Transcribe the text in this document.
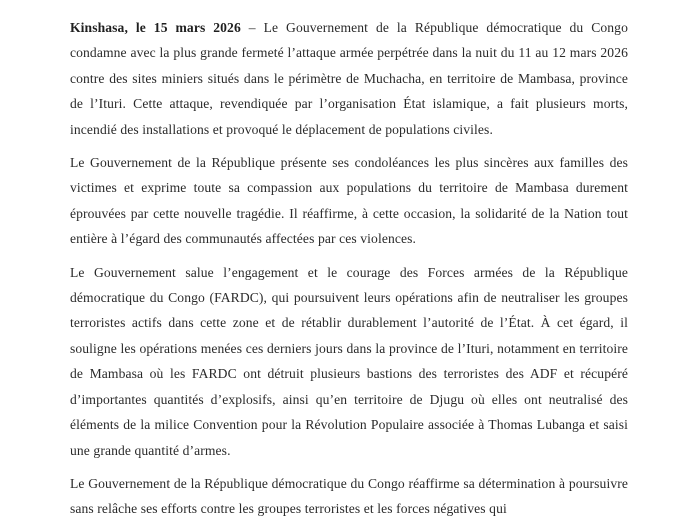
Kinshasa, le 15 mars 2026 – Le Gouvernement de la République démocratique du Congo condamne avec la plus grande fermeté l’attaque armée perpétrée dans la nuit du 11 au 12 mars 2026 contre des sites miniers situés dans le périmètre de Muchacha, en territoire de Mambasa, province de l’Ituri. Cette attaque, revendiquée par l’organisation État islamique, a fait plusieurs morts, incendié des installations et provoqué le déplacement de populations civiles.

Le Gouvernement de la République présente ses condoléances les plus sincères aux familles des victimes et exprime toute sa compassion aux populations du territoire de Mambasa durement éprouvées par cette nouvelle tragédie. Il réaffirme, à cette occasion, la solidarité de la Nation tout entière à l’égard des communautés affectées par ces violences.

Le Gouvernement salue l’engagement et le courage des Forces armées de la République démocratique du Congo (FARDC), qui poursuivent leurs opérations afin de neutraliser les groupes terroristes actifs dans cette zone et de rétablir durablement l’autorité de l’État. À cet égard, il souligne les opérations menées ces derniers jours dans la province de l’Ituri, notamment en territoire de Mambasa où les FARDC ont détruit plusieurs bastions des terroristes des ADF et récupéré d’importantes quantités d’explosifs, ainsi qu’en territoire de Djugu où elles ont neutralisé des éléments de la milice Convention pour la Révolution Populaire associée à Thomas Lubanga et saisi une grande quantité d’armes.

Le Gouvernement de la République démocratique du Congo réaffirme sa détermination à poursuivre sans relâche ses efforts contre les groupes terroristes et les forces négatives qui
